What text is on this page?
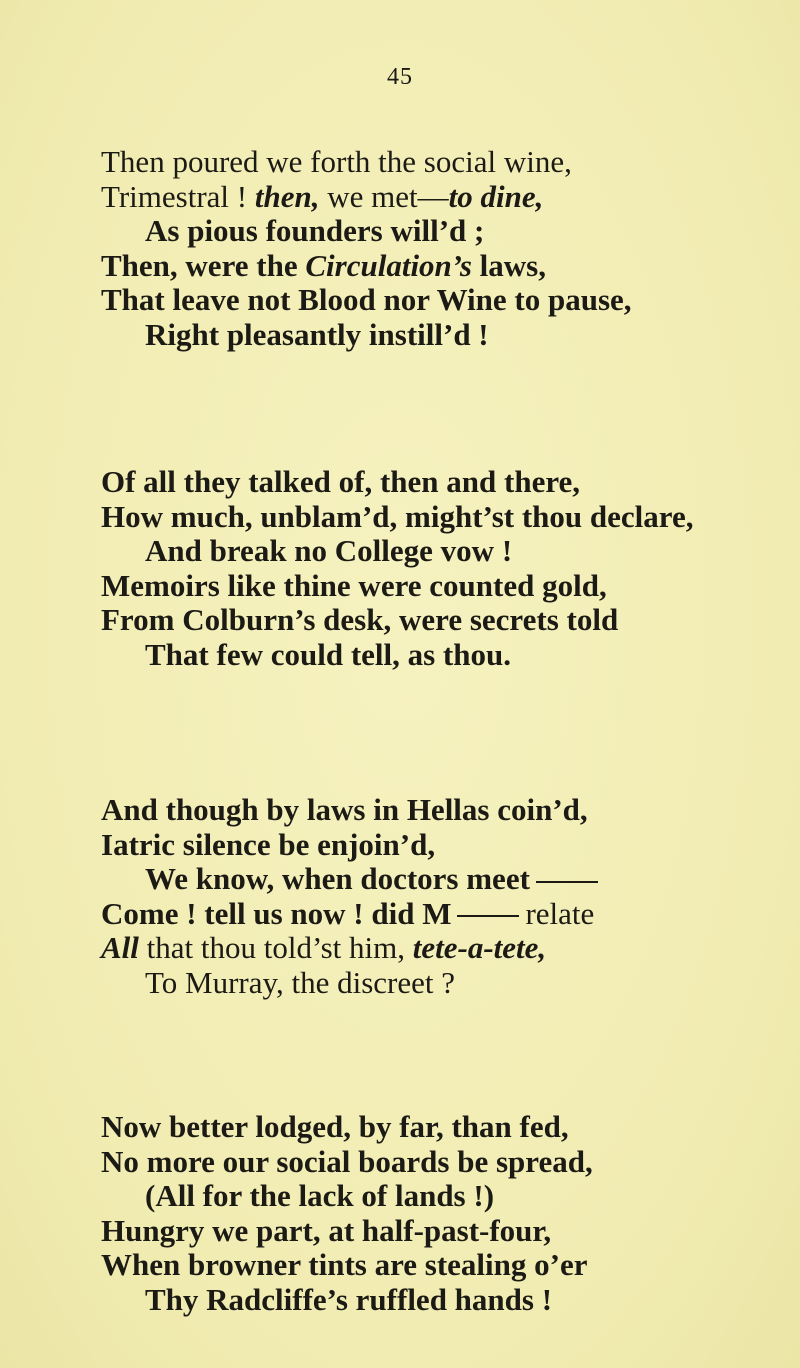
45
Then poured we forth the social wine,
Trimestral ! then, we met—to dine,
As pious founders will’d ;
Then, were the Circulation’s laws,
That leave not Blood nor Wine to pause,
Right pleasantly instill’d !
Of all they talked of, then and there,
How much, unblam’d, might’st thou declare,
And break no College vow !
Memoirs like thine were counted gold,
From Colburn’s desk, were secrets told
That few could tell, as thou.
And though by laws in Hellas coin’d,
Iatric silence be enjoin’d,
We know, when doctors meet
Come ! tell us now ! did M relate
All that thou told’st him, tete-a-tete,
To Murray, the discreet ?
Now better lodged, by far, than fed,
No more our social boards be spread,
(All for the lack of lands !)
Hungry we part, at half-past-four,
When browner tints are stealing o’er
Thy Radcliffe’s ruffled hands !
